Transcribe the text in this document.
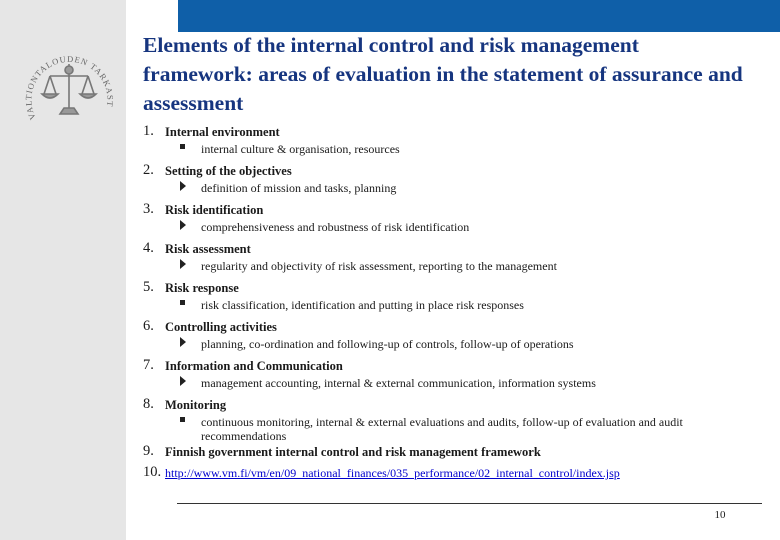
VALTIONTALOUDEN TARKAST
Elements of the internal control and risk management framework: areas of evaluation in the statement of assurance and assessment
1. Internal environment
internal culture & organisation, resources
2. Setting of the objectives
definition of mission and tasks, planning
3. Risk identification
comprehensiveness and robustness of risk identification
4. Risk assessment
regularity and objectivity of risk assessment, reporting to the management
5. Risk response
risk classification, identification and putting in place risk responses
6. Controlling activities
planning, co-ordination and following-up of controls, follow-up of operations
7. Information and Communication
management accounting, internal & external communication, information systems
8. Monitoring
continuous monitoring, internal & external evaluations and audits, follow-up of evaluation and audit recommendations
9. Finnish government internal control and risk management framework
10. http://www.vm.fi/vm/en/09_national_finances/035_performance/02_internal_control/index.jsp
10
